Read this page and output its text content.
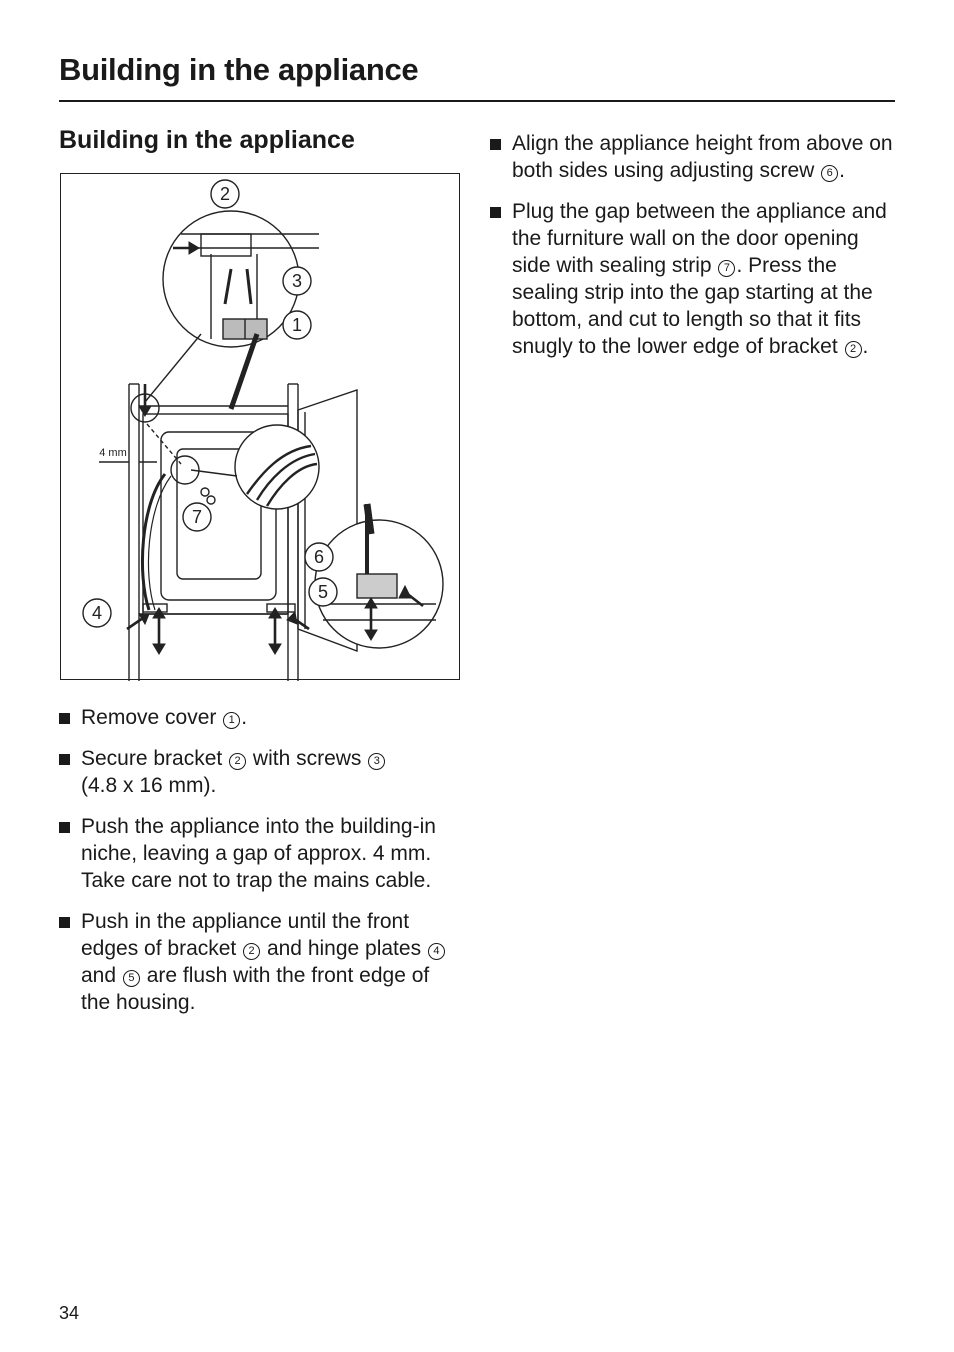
Building in the appliance
Building in the appliance
1
2
3
4
5
6
7
4 mm
Remove cover 1 .
Secure bracket 2 with screws 3
(4.8 x 16 mm).
Push the appliance into the building-in niche, leaving a gap of approx. 4 mm.
Take care not to trap the mains cable.
Push in the appliance until the front edges of bracket 2 and hinge plates 4 and 5 are flush with the front edge of the housing.
Align the appliance height from above on both sides using adjusting screw 6 .
Plug the gap between the appliance and the furniture wall on the door opening side with sealing strip 7 . Press the sealing strip into the gap starting at the bottom, and cut to length so that it fits snugly to the lower edge of bracket 2 .
34
